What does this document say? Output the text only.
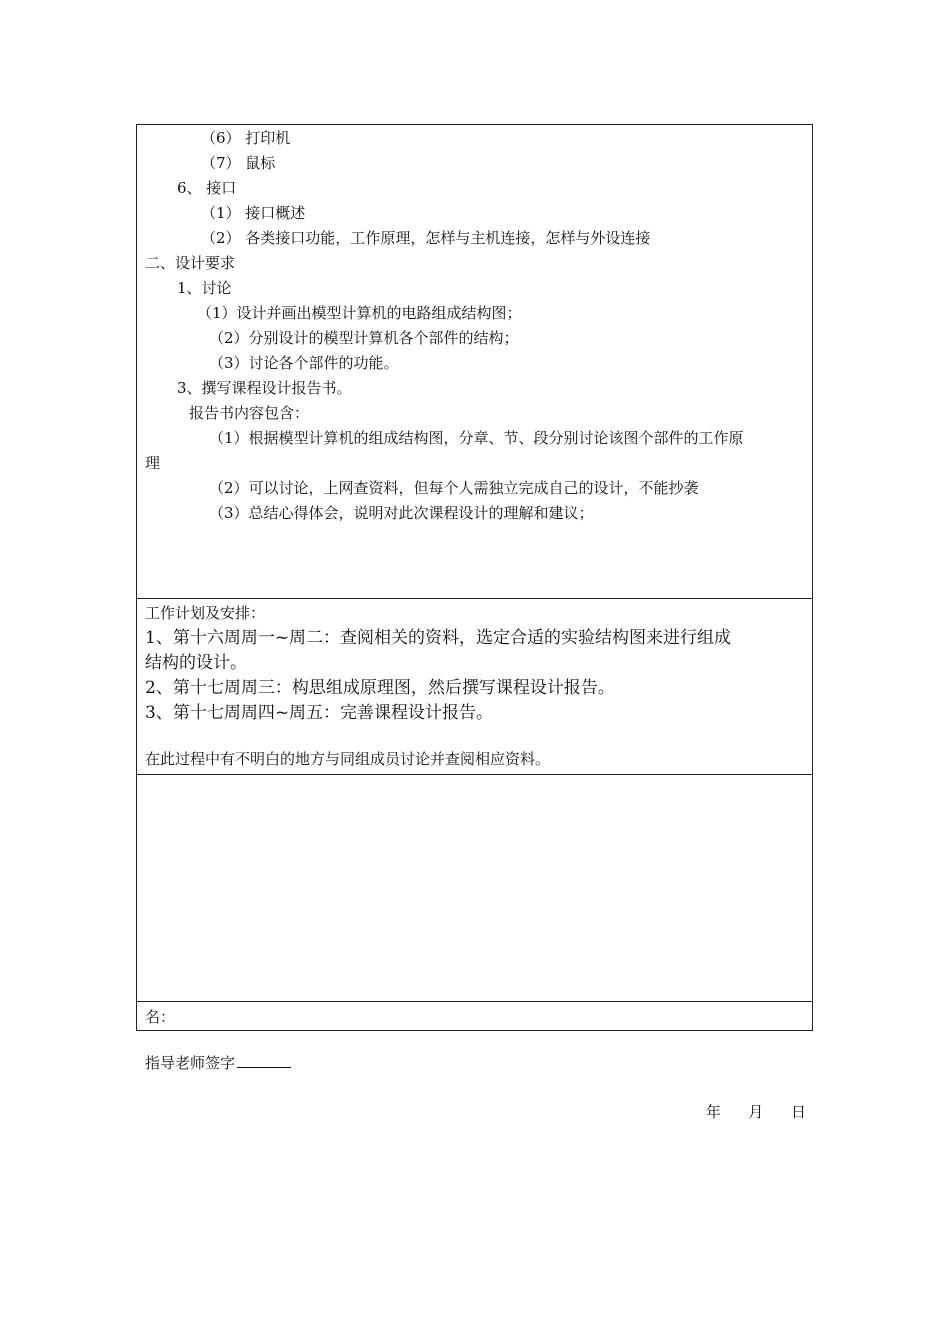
（6） 打印机
（7） 鼠标
6、 接口
（1） 接口概述
（2） 各类接口功能，工作原理，怎样与主机连接，怎样与外设连接
二、设计要求
1、讨论
（1）设计并画出模型计算机的电路组成结构图；
（2）分别设计的模型计算机各个部件的结构；
（3）讨论各个部件的功能。
3、撰写课程设计报告书。
报告书内容包含：
（1）根据模型计算机的组成结构图，分章、节、段分别讨论该图个部件的工作原
理
（2）可以讨论，上网查资料，但每个人需独立完成自己的设计，不能抄袭
（3）总结心得体会，说明对此次课程设计的理解和建议；
工作计划及安排：
1、第十六周周一~周二：查阅相关的资料，选定合适的实验结构图来进行组成
结构的设计。
2、第十七周周三：构思组成原理图，然后撰写课程设计报告。
3、第十七周周四~周五：完善课程设计报告。
在此过程中有不明白的地方与同组成员讨论并查阅相应资料。
指导老师签字
年 月 日
名：
